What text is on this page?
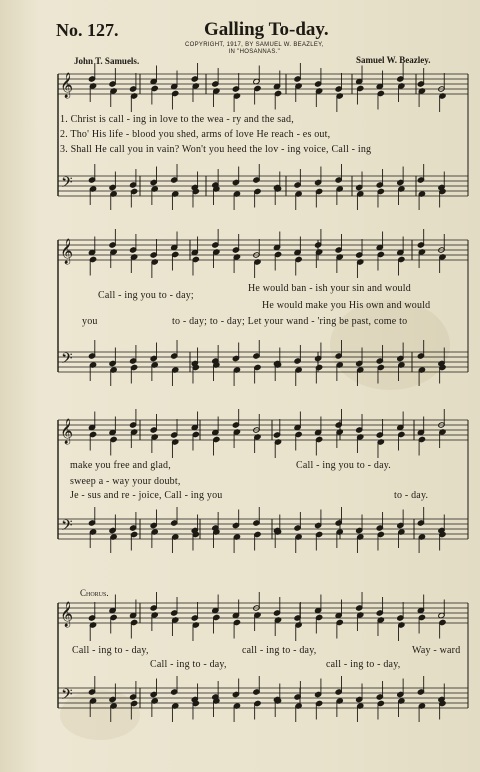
No. 127.	Galling To-day.
COPYRIGHT, 1917, BY SAMUEL W. BEAZLEY,
IN "HOSANNAS."
John T. Samuels.	Samuel W. Beazley.
𝄞
𝄢
𝄞
𝄢
𝄞
𝄢
𝄞
𝄢
1. Christ is call - ing in love to the wea - ry and the sad,
2. Tho' His life - blood you shed, arms of love He reach - es out,
3. Shall He call you in vain? Won't you heed the lov - ing voice, Call - ing
Call - ing you to - day;
He would ban - ish your sin and would
He would make you His own and would
you	to - day; to - day; Let your wand - 'ring be past, come to
make you free and glad,	Call - ing you to - day.
sweep a - way your doubt,
Je - sus and re - joice, Call - ing you	to - day.
Chorus.
Call - ing to - day,	call - ing to - day,	Way - ward
Call - ing to - day,	call - ing to - day,
